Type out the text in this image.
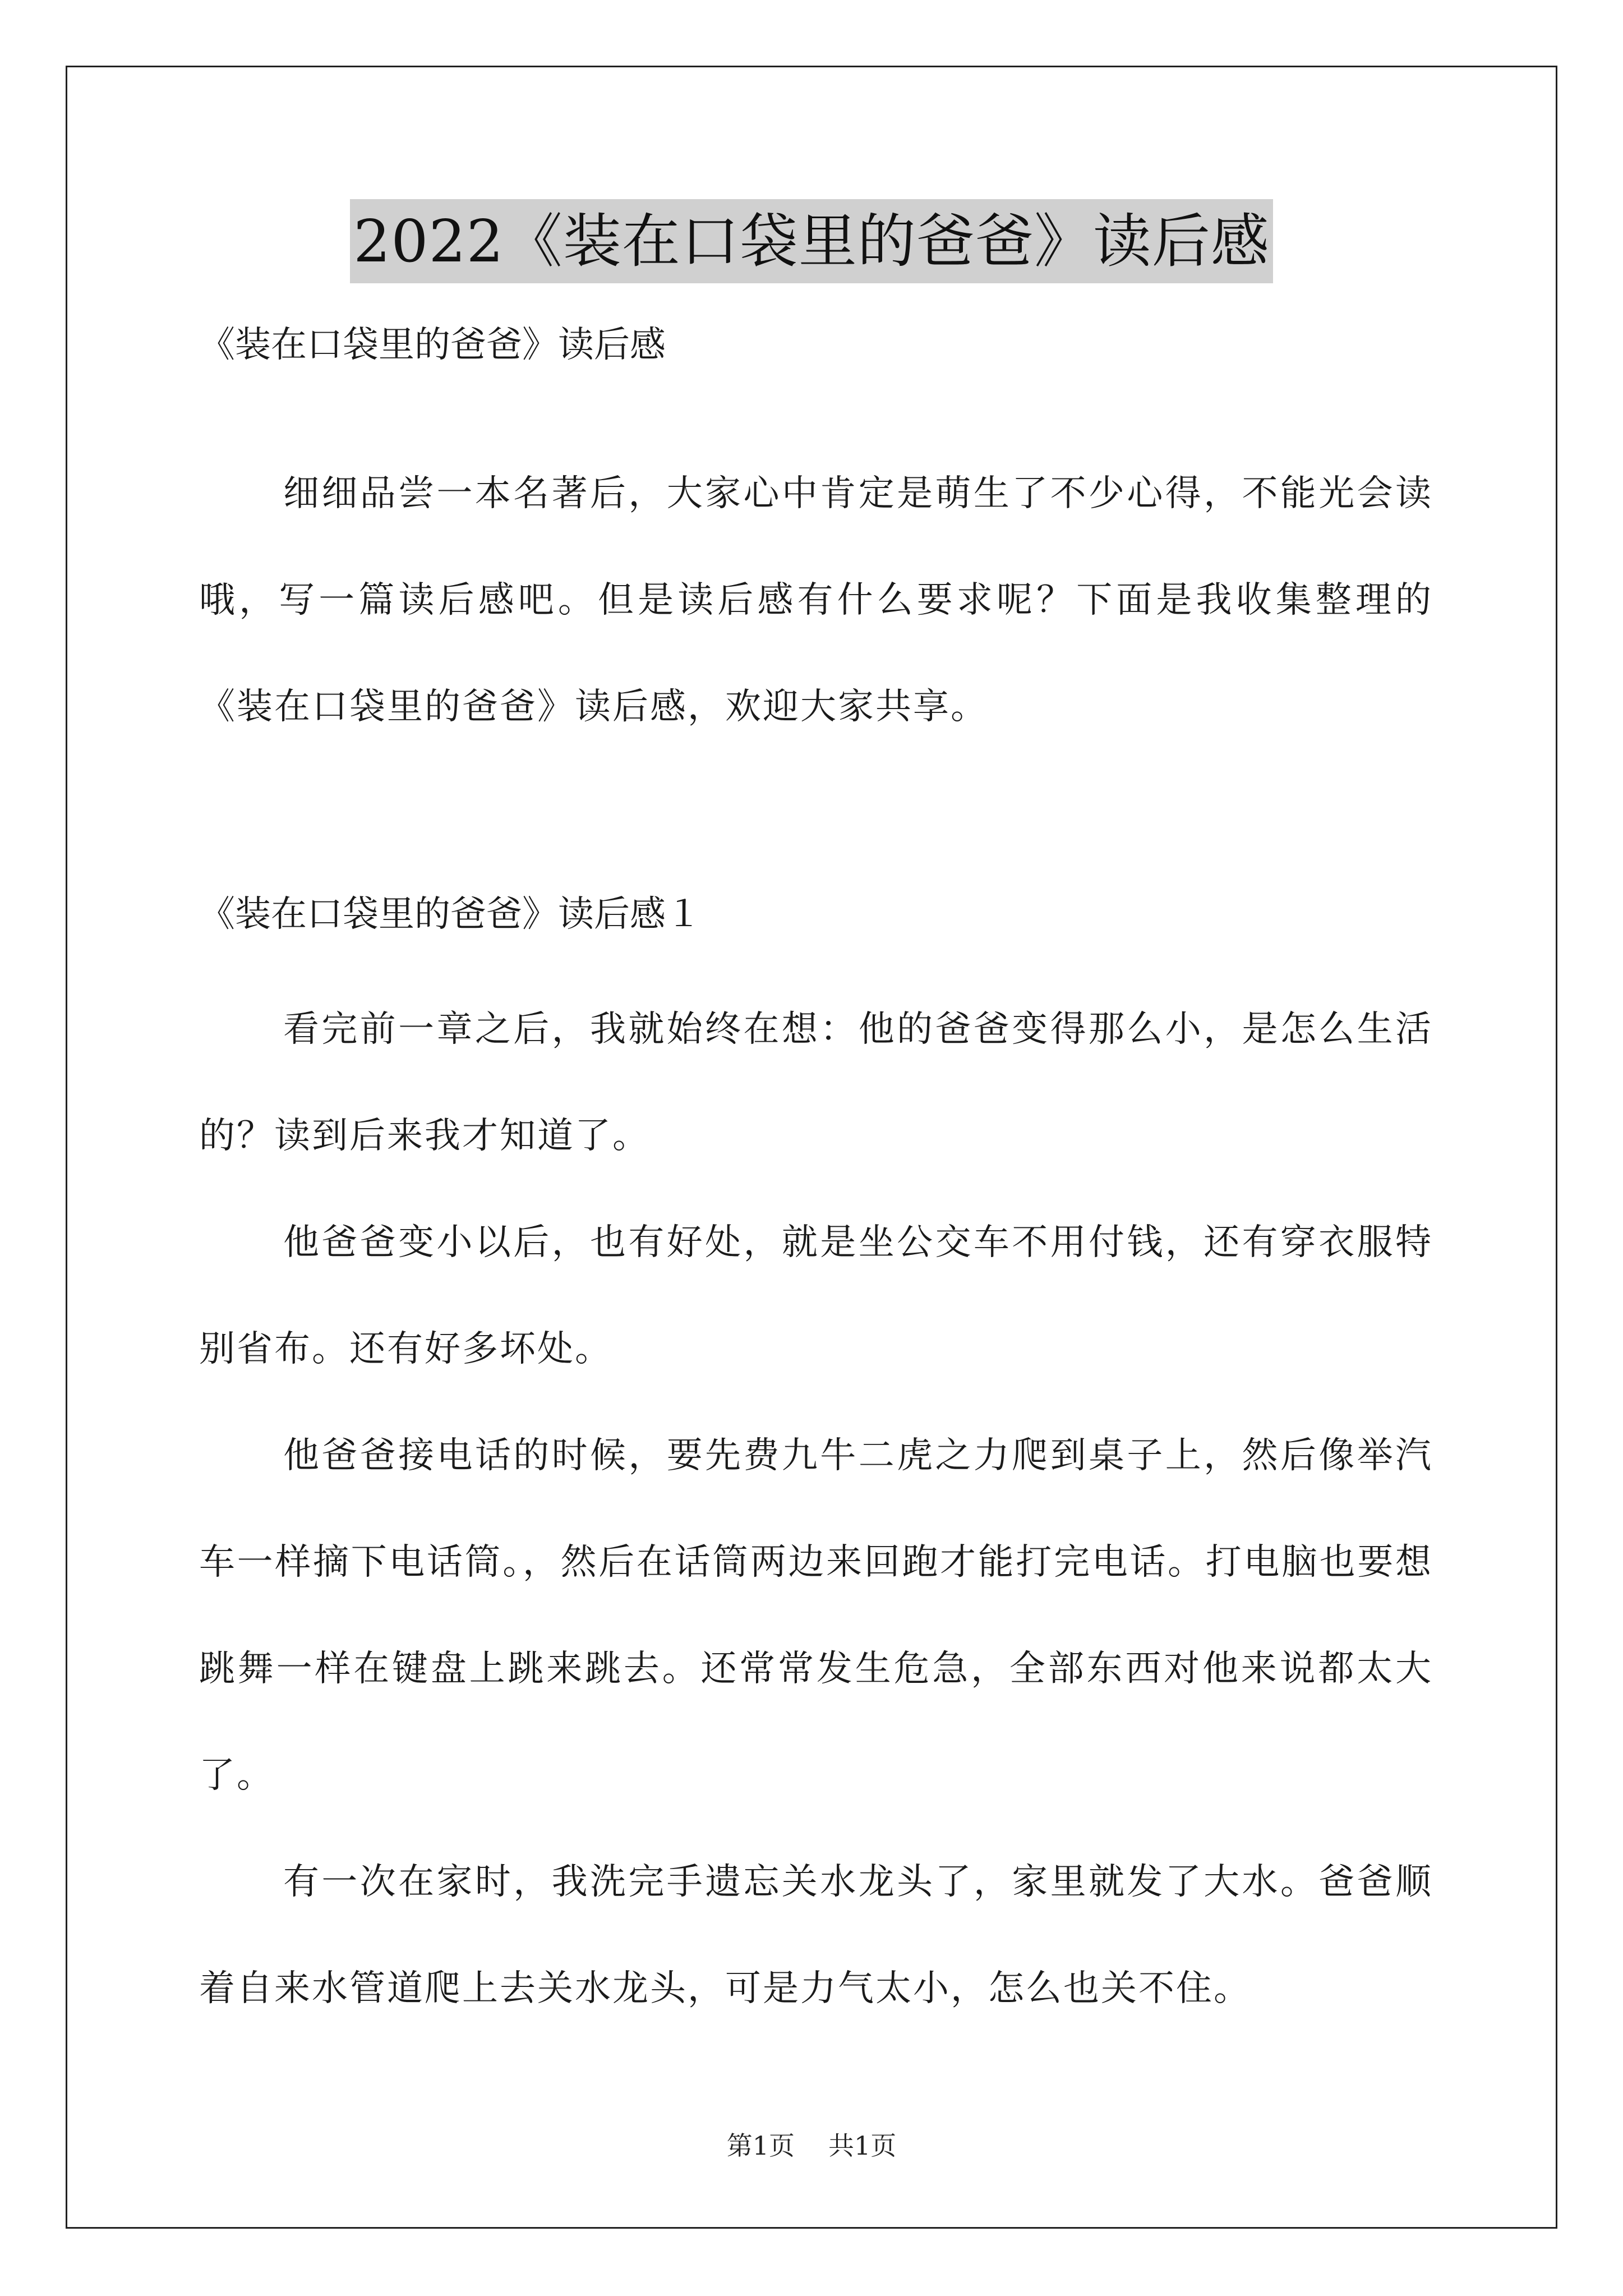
2022《装在口袋里的爸爸》读后感
《装在口袋里的爸爸》读后感

细细品尝一本名著后，大家心中肯定是萌生了不少心得，不能光会读哦，写一篇读后感吧。但是读后感有什么要求呢？下面是我收集整理的《装在口袋里的爸爸》读后感，欢迎大家共享。

《装在口袋里的爸爸》读后感１

看完前一章之后，我就始终在想：他的爸爸变得那么小，是怎么生活的？读到后来我才知道了。

他爸爸变小以后，也有好处，就是坐公交车不用付钱，还有穿衣服特别省布。还有好多坏处。

他爸爸接电话的时候，要先费九牛二虎之力爬到桌子上，然后像举汽车一样摘下电话筒。，然后在话筒两边来回跑才能打完电话。打电脑也要想跳舞一样在键盘上跳来跳去。还常常发生危急，全部东西对他来说都太大了。

有一次在家时，我洗完手遗忘关水龙头了，家里就发了大水。爸爸顺着自来水管道爬上去关水龙头，可是力气太小，怎么也关不住。

第1页 共1页
